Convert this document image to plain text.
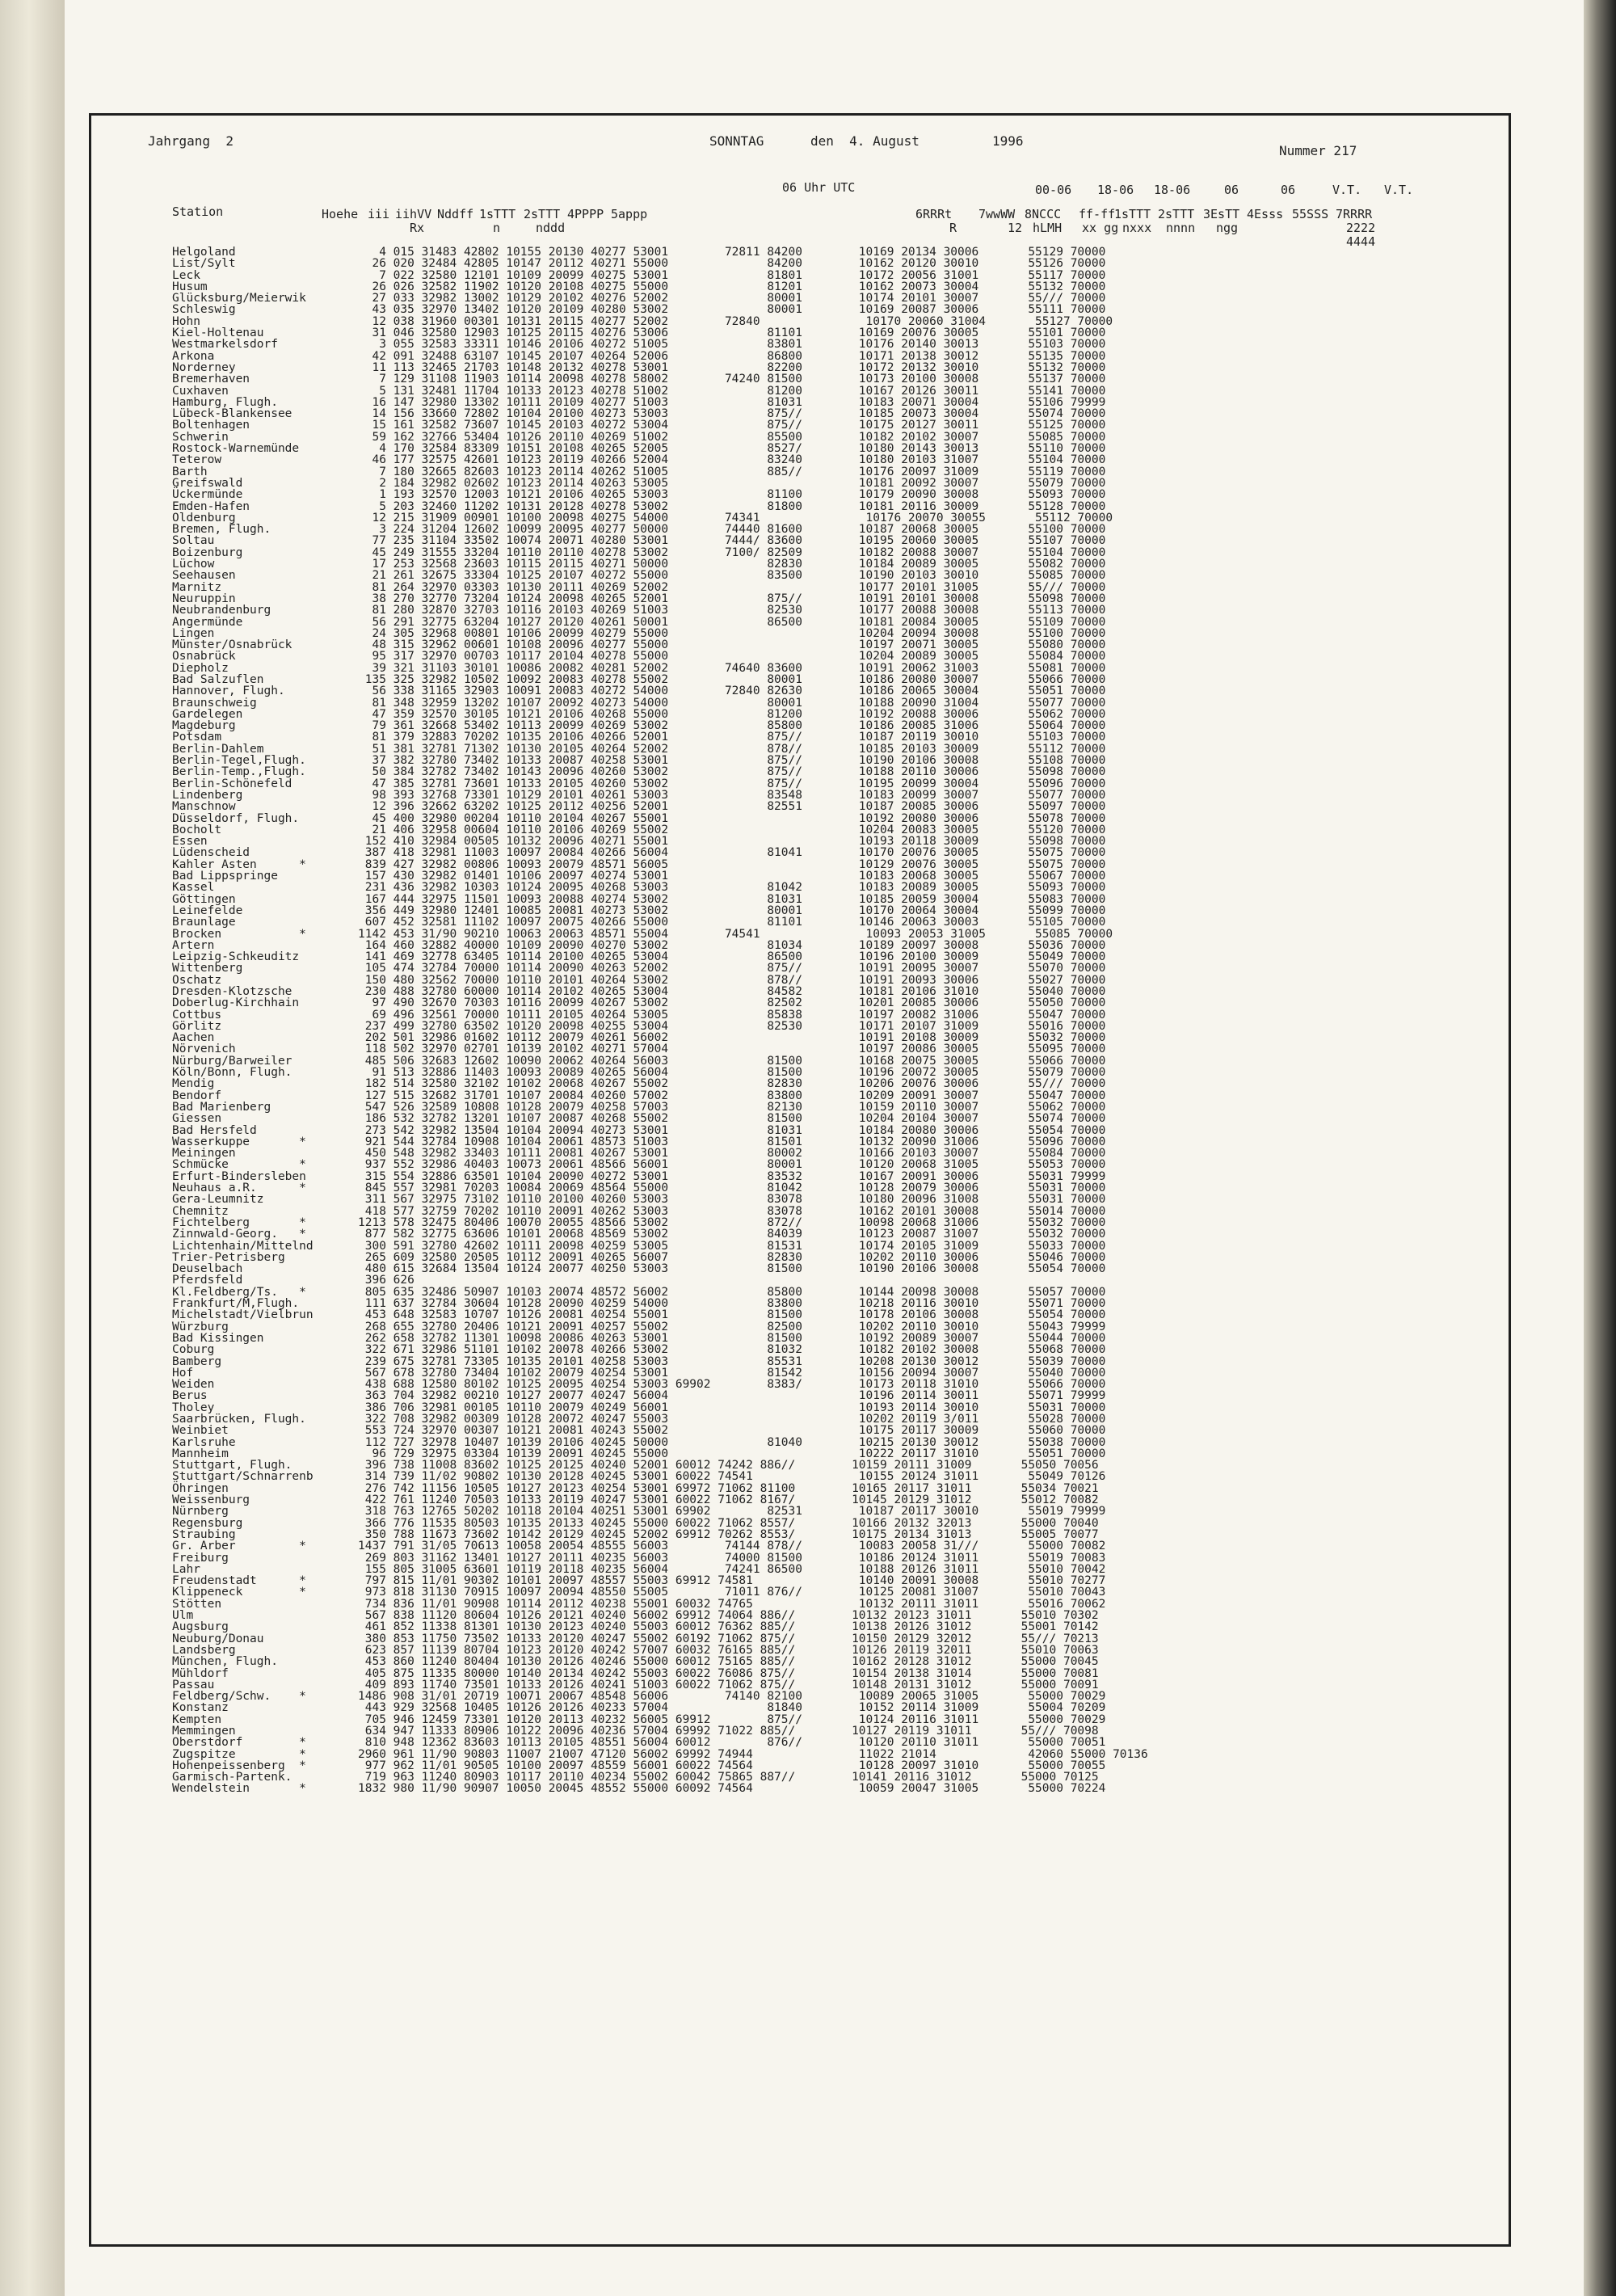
Jahrgang  2	SONNTAG	den  4. August	1996
Nummer 217
06 Uhr UTC	00-06 18-06 18-06	06	06	V.T. V.T.
Station	Hoehe iii iihVV Nddff 1sTTT 2sTTT 4PPPP 5appp	6RRRt 7wwWW 8NCCC ff-ff
1sTTT 2sTTT 3EsTT 4Esss 55SSS 7RRRR
Rx	n	nddd	R	12 hLMH xx gg nxxx nnnn ngg	2222
4444
Helgoland	4 015 31483 42802 10155 20130 40277 53001        72811 84200        10169 20134 30006       55129 70000
List/Sylt	26 020 32484 42805 10147 20112 40271 55000              84200        10162 20120 30010       55126 70000
Leck	7 022 32580 12101 10109 20099 40275 53001              81801        10172 20056 31001       55117 70000
Husum	26 026 32582 11902 10120 20108 40275 55000              81201        10162 20073 30004       55132 70000
Glücksburg/Meierwik	27 033 32982 13002 10129 20102 40276 52002              80001        10174 20101 30007       55/// 70000
Schleswig	43 035 32970 13402 10120 20109 40280 53002              80001        10169 20087 30006       55111 70000
Hohn	12 038 31960 00301 10131 20115 40277 52002        72840               10170 20060 31004       55127 70000
Kiel-Holtenau	31 046 32580 12903 10125 20115 40276 53006              81101        10169 20076 30005       55101 70000
Westmarkelsdorf	3 055 32583 33311 10146 20106 40272 51005              83801        10176 20140 30013       55103 70000
Arkona	42 091 32488 63107 10145 20107 40264 52006              86800        10171 20138 30012       55135 70000
Norderney	11 113 32465 21703 10148 20132 40278 53001              82200        10172 20132 30010       55132 70000
Bremerhaven	7 129 31108 11903 10114 20098 40278 58002        74240 81500        10173 20100 30008       55137 70000
Cuxhaven	5 131 32481 11704 10133 20123 40278 51002              81200        10167 20126 30011       55141 70000
Hamburg, Flugh.	16 147 32980 13302 10111 20109 40277 51003              81031        10183 20071 30004       55106 79999
Lübeck-Blankensee	14 156 33660 72802 10104 20100 40273 53003              875//        10185 20073 30004       55074 70000
Boltenhagen	15 161 32582 73607 10145 20103 40272 53004              875//        10175 20127 30011       55125 70000
Schwerin	59 162 32766 53404 10126 20110 40269 51002              85500        10182 20102 30007       55085 70000
Rostock-Warnemünde	4 170 32584 83309 10151 20108 40265 52005              8527/        10180 20143 30013       55110 70000
Teterow	46 177 32575 42601 10123 20119 40266 52004              83240        10180 20103 31007       55104 70000
Barth	7 180 32665 82603 10123 20114 40262 51005              885//        10176 20097 31009       55119 70000
Greifswald	2 184 32982 02602 10123 20114 40263 53005                           10181 20092 30007       55079 70000
Ückermünde	1 193 32570 12003 10121 20106 40265 53003              81100        10179 20090 30008       55093 70000
Emden-Hafen	5 203 32460 11202 10131 20128 40278 53002              81800        10181 20116 30009       55128 70000
Oldenburg	12 215 31909 00901 10100 20098 40275 54000        74341               10176 20070 30055       55112 70000
Bremen, Flugh.	3 224 31204 12602 10099 20095 40277 50000        74440 81600        10187 20068 30005       55100 70000
Soltau	77 235 31104 33502 10074 20071 40280 53001        7444/ 83600        10195 20060 30005       55107 70000
Boizenburg	45 249 31555 33204 10110 20110 40278 53002        7100/ 82509        10182 20088 30007       55104 70000
Lüchow	17 253 32568 23603 10115 20115 40271 50000              82830        10184 20089 30005       55082 70000
Seehausen	21 261 32675 33304 10125 20107 40272 55000              83500        10190 20103 30010       55085 70000
Marnitz	81 264 32970 03303 10130 20111 40269 52002                           10177 20101 31005       55/// 70000
Neuruppin	38 270 32770 73204 10124 20098 40265 52001              875//        10191 20101 30008       55098 70000
Neubrandenburg	81 280 32870 32703 10116 20103 40269 51003              82530        10177 20088 30008       55113 70000
Angermünde	56 291 32775 63204 10127 20120 40261 50001              86500        10181 20084 30005       55109 70000
Lingen	24 305 32968 00801 10106 20099 40279 55000                           10204 20094 30008       55100 70000
Münster/Osnabrück	48 315 32962 00601 10108 20096 40277 55000                           10197 20071 30005       55080 70000
Osnabrück	95 317 32970 00703 10117 20104 40278 55000                           10204 20089 30005       55084 70000
Diepholz	39 321 31103 30101 10086 20082 40281 52002        74640 83600        10191 20062 31003       55081 70000
Bad Salzuflen	135 325 32982 10502 10092 20083 40278 55002              80001        10186 20080 30007       55066 70000
Hannover, Flugh.	56 338 31165 32903 10091 20083 40272 54000        72840 82630        10186 20065 30004       55051 70000
Braunschweig	81 348 32959 13202 10107 20092 40273 54000              80001        10188 20090 31004       55077 70000
Gardelegen	47 359 32570 30105 10121 20106 40268 55000              81200        10192 20088 30006       55062 70000
Magdeburg	79 361 32668 53402 10113 20099 40269 53002              85800        10186 20085 31006       55064 70000
Potsdam	81 379 32883 70202 10135 20106 40266 52001              875//        10187 20119 30010       55103 70000
Berlin-Dahlem	51 381 32781 71302 10130 20105 40264 52002              878//        10185 20103 30009       55112 70000
Berlin-Tegel,Flugh.	37 382 32780 73402 10133 20087 40258 53001              875//        10190 20106 30008       55108 70000
Berlin-Temp.,Flugh.	50 384 32782 73402 10143 20096 40260 53002              875//        10188 20110 30006       55098 70000
Berlin-Schönefeld	47 385 32781 73601 10133 20105 40260 53002              875//        10195 20099 30004       55096 70000
Lindenberg	98 393 32768 73301 10129 20101 40261 53003              83548        10183 20099 30007       55077 70000
Manschnow	12 396 32662 63202 10125 20112 40256 52001              82551        10187 20085 30006       55097 70000
Düsseldorf, Flugh.	45 400 32980 00204 10110 20104 40267 55001                           10192 20080 30006       55078 70000
Bocholt	21 406 32958 00604 10110 20106 40269 55002                           10204 20083 30005       55120 70000
Essen	152 410 32984 00505 10132 20096 40271 55001                           10193 20118 30009       55098 70000
Lüdenscheid	387 418 32981 11003 10097 20084 40266 56004              81041        10170 20076 30005       55075 70000
Kahler Asten      *	839 427 32982 00806 10093 20079 48571 56005                           10129 20076 30005       55075 70000
Bad Lippspringe	157 430 32982 01401 10106 20097 40274 53001                           10183 20068 30005       55067 70000
Kassel	231 436 32982 10303 10124 20095 40268 53003              81042        10183 20089 30005       55093 70000
Göttingen	167 444 32975 11501 10093 20088 40274 53002              81031        10185 20059 30004       55083 70000
Leinefelde	356 449 32980 12401 10085 20081 40273 53002              80001        10170 20064 30004       55099 70000
Braunlage	607 452 32581 11102 10097 20075 40266 55000              81101        10146 20063 30003       55105 70000
Brocken           *	1142 453 31/90 90210 10063 20063 48571 55004        74541               10093 20053 31005       55085 70000
Artern	164 460 32882 40000 10109 20090 40270 53002              81034        10189 20097 30008       55036 70000
Leipzig-Schkeuditz	141 469 32778 63405 10114 20100 40265 53004              86500        10196 20100 30009       55049 70000
Wittenberg	105 474 32784 70000 10114 20090 40263 52002              875//        10191 20095 30007       55070 70000
Oschatz	150 480 32562 70000 10110 20101 40264 53002              878//        10191 20093 30006       55027 70000
Dresden-Klotzsche	230 488 32780 60000 10114 20102 40265 53004              84582        10181 20106 31010       55040 70000
Doberlug-Kirchhain	97 490 32670 70303 10116 20099 40267 53002              82502        10201 20085 30006       55050 70000
Cottbus	69 496 32561 70000 10111 20105 40264 53005              85838        10197 20082 31006       55047 70000
Görlitz	237 499 32780 63502 10120 20098 40255 53004              82530        10171 20107 31009       55016 70000
Aachen	202 501 32986 01602 10112 20079 40261 56002                           10191 20108 30009       55032 70000
Nörvenich	118 502 32970 02701 10139 20102 40271 57004                           10197 20086 30005       55095 70000
Nürburg/Barweiler	485 506 32683 12602 10090 20062 40264 56003              81500        10168 20075 30005       55066 70000
Köln/Bonn, Flugh.	91 513 32886 11403 10093 20089 40265 56004              81500        10196 20072 30005       55079 70000
Mendig	182 514 32580 32102 10102 20068 40267 55002              82830        10206 20076 30006       55/// 70000
Bendorf	127 515 32682 31701 10107 20084 40260 57002              83800        10209 20091 30007       55047 70000
Bad Marienberg	547 526 32589 10808 10128 20079 40258 57003              82130        10159 20110 30007       55062 70000
Giessen	186 532 32782 13201 10107 20087 40268 55002              81500        10204 20104 30007       55074 70000
Bad Hersfeld	273 542 32982 13504 10104 20094 40273 53001              81031        10184 20080 30006       55054 70000
Wasserkuppe       *	921 544 32784 10908 10104 20061 48573 51003              81501        10132 20090 31006       55096 70000
Meiningen	450 548 32982 33403 10111 20081 40267 53001              80002        10166 20103 30007       55084 70000
Schmücke          *	937 552 32986 40403 10073 20061 48566 56001              80001        10120 20068 31005       55053 70000
Erfurt-Bindersleben	315 554 32886 63501 10104 20090 40272 53001              83532        10167 20091 30006       55031 79999
Neuhaus a.R.      *	845 557 32981 70203 10084 20069 48564 55000              81042        10128 20079 30006       55031 70000
Gera-Leumnitz	311 567 32975 73102 10110 20100 40260 53003              83078        10180 20096 31008       55031 70000
Chemnitz	418 577 32759 70202 10110 20091 40262 53003              83078        10162 20101 30008       55014 70000
Fichtelberg       *	1213 578 32475 80406 10070 20055 48566 53002              872//        10098 20068 31006       55032 70000
Zinnwald-Georg.   *	877 582 32775 63606 10101 20068 48569 53002              84039        10123 20087 31007       55032 70000
Lichtenhain/Mittelnd	300 591 32780 42602 10111 20098 40259 53005              81531        10174 20105 31009       55033 70000
Trier-Petrisberg	265 609 32580 20505 10112 20091 40265 56007              82830        10202 20110 30006       55046 70000
Deuselbach	480 615 32684 13504 10124 20077 40250 53003              81500        10190 20106 30008       55054 70000
Pferdsfeld	396 626
Kl.Feldberg/Ts.   *	805 635 32486 50907 10103 20074 48572 56002              85800        10144 20098 30008       55057 70000
Frankfurt/M,Flugh.	111 637 32784 30604 10128 20090 40259 54000              83800        10218 20116 30010       55071 70000
Michelstadt/Vielbrun	453 648 32583 10707 10126 20081 40254 55001              81500        10178 20106 30008       55054 70000
Würzburg	268 655 32780 20406 10121 20091 40257 55002              82500        10202 20110 30010       55043 79999
Bad Kissingen	262 658 32782 11301 10098 20086 40263 53001              81500        10192 20089 30007       55044 70000
Coburg	322 671 32986 51101 10102 20078 40266 53002              81032        10182 20102 30008       55068 70000
Bamberg	239 675 32781 73305 10135 20101 40258 53003              85531        10208 20130 30012       55039 70000
Hof	567 678 32780 73404 10102 20079 40254 53001              81542        10156 20094 30007       55040 70000
Weiden	438 688 12580 80102 10125 20095 40254 53003 69902        8383/        10173 20118 31010       55066 70000
Berus	363 704 32982 00210 10127 20077 40247 56004                           10196 20114 30011       55071 79999
Tholey	386 706 32981 00105 10110 20079 40249 56001                           10193 20114 30010       55031 70000
Saarbrücken, Flugh.	322 708 32982 00309 10128 20072 40247 55003                           10202 20119 3/011       55028 70000
Weinbiet	553 724 32970 00307 10121 20081 40243 55002                           10175 20117 30009       55060 70000
Karlsruhe	112 727 32978 10407 10139 20106 40245 50000              81040        10215 20130 30012       55038 70000
Mannheim	96 729 32975 03304 10139 20091 40245 55000                           10222 20117 31010       55051 70000
Stuttgart, Flugh.	396 738 11008 83602 10125 20125 40240 52001 60012 74242 886//        10159 20111 31009       55050 70056
Stuttgart/Schnarrenb	314 739 11/02 90802 10130 20128 40245 53001 60022 74541               10155 20124 31011       55049 70126
Öhringen	276 742 11156 10505 10127 20123 40254 53001 69972 71062 81100        10165 20117 31011       55034 70021
Weissenburg	422 761 11240 70503 10133 20119 40247 53001 60022 71062 8167/        10145 20129 31012       55012 70082
Nürnberg	318 763 12765 50202 10118 20104 40251 53001 69902        82531        10187 20117 30010       55019 79999
Regensburg	366 776 11535 80503 10135 20133 40245 55000 60022 71062 8557/        10166 20132 32013       55000 70040
Straubing	350 788 11673 73602 10142 20129 40245 52002 69912 70262 8553/        10175 20134 31013       55005 70077
Gr. Arber         *	1437 791 31/05 70613 10058 20054 48555 56003        74144 878//        10083 20058 31///       55000 70082
Freiburg	269 803 31162 13401 10127 20111 40235 56003        74000 81500        10186 20124 31011       55019 70083
Lahr	155 805 31005 63601 10119 20118 40235 56004        74241 86500        10188 20126 31011       55010 70042
Freudenstadt      *	797 815 11/01 90302 10101 20097 48557 55003 69912 74581               10140 20091 30008       55010 70277
Klippeneck        *	973 818 31130 70915 10097 20094 48550 55005        71011 876//        10125 20081 31007       55010 70043
Stötten	734 836 11/01 90908 10114 20112 40238 55001 60032 74765               10132 20111 31011       55016 70062
Ulm	567 838 11120 80604 10126 20121 40240 56002 69912 74064 886//        10132 20123 31011       55010 70302
Augsburg	461 852 11338 81301 10130 20123 40240 55003 60012 76362 885//        10138 20126 31012       55001 70142
Neuburg/Donau	380 853 11750 73502 10133 20120 40247 55002 60192 71062 875//        10150 20129 32012       55/// 70213
Landsberg	623 857 11139 80704 10123 20120 40242 57007 60032 76165 885//        10126 20119 32011       55010 70063
München, Flugh.	453 860 11240 80404 10130 20126 40246 55000 60012 75165 885//        10162 20128 31012       55000 70045
Mühldorf	405 875 11335 80000 10140 20134 40242 55003 60022 76086 875//        10154 20138 31014       55000 70081
Passau	409 893 11740 73501 10133 20126 40241 51003 60022 71062 875//        10148 20131 31012       55000 70091
Feldberg/Schw.    *	1486 908 31/01 20719 10071 20067 48548 56006        74140 82100        10089 20065 31005       55000 70029
Konstanz	443 929 32568 10405 10126 20126 40233 57004              81840        10152 20114 31009       55004 70209
Kempten	705 946 12459 73301 10120 20113 40232 56005 69912        875//        10124 20116 31011       55000 70029
Memmingen	634 947 11333 80906 10122 20096 40236 57004 69992 71022 885//        10127 20119 31011       55/// 70098
Oberstdorf        *	810 948 12362 83603 10113 20105 48551 56004 60012        876//        10120 20110 31011       55000 70051
Zugspitze         *	2960 961 11/90 90803 11007 21007 47120 56002 69992 74944               11022 21014             42060 55000 70136
Hohenpeissenberg  *	977 962 11/01 90505 10100 20097 48559 56001 60022 74564               10128 20097 31010       55000 70055
Garmisch-Partenk.	719 963 11240 80903 10117 20110 40234 55002 60042 75865 887//        10141 20116 31012       55000 70125
Wendelstein       *	1832 980 11/90 90907 10050 20045 48552 55000 60092 74564               10059 20047 31005       55000 70224
